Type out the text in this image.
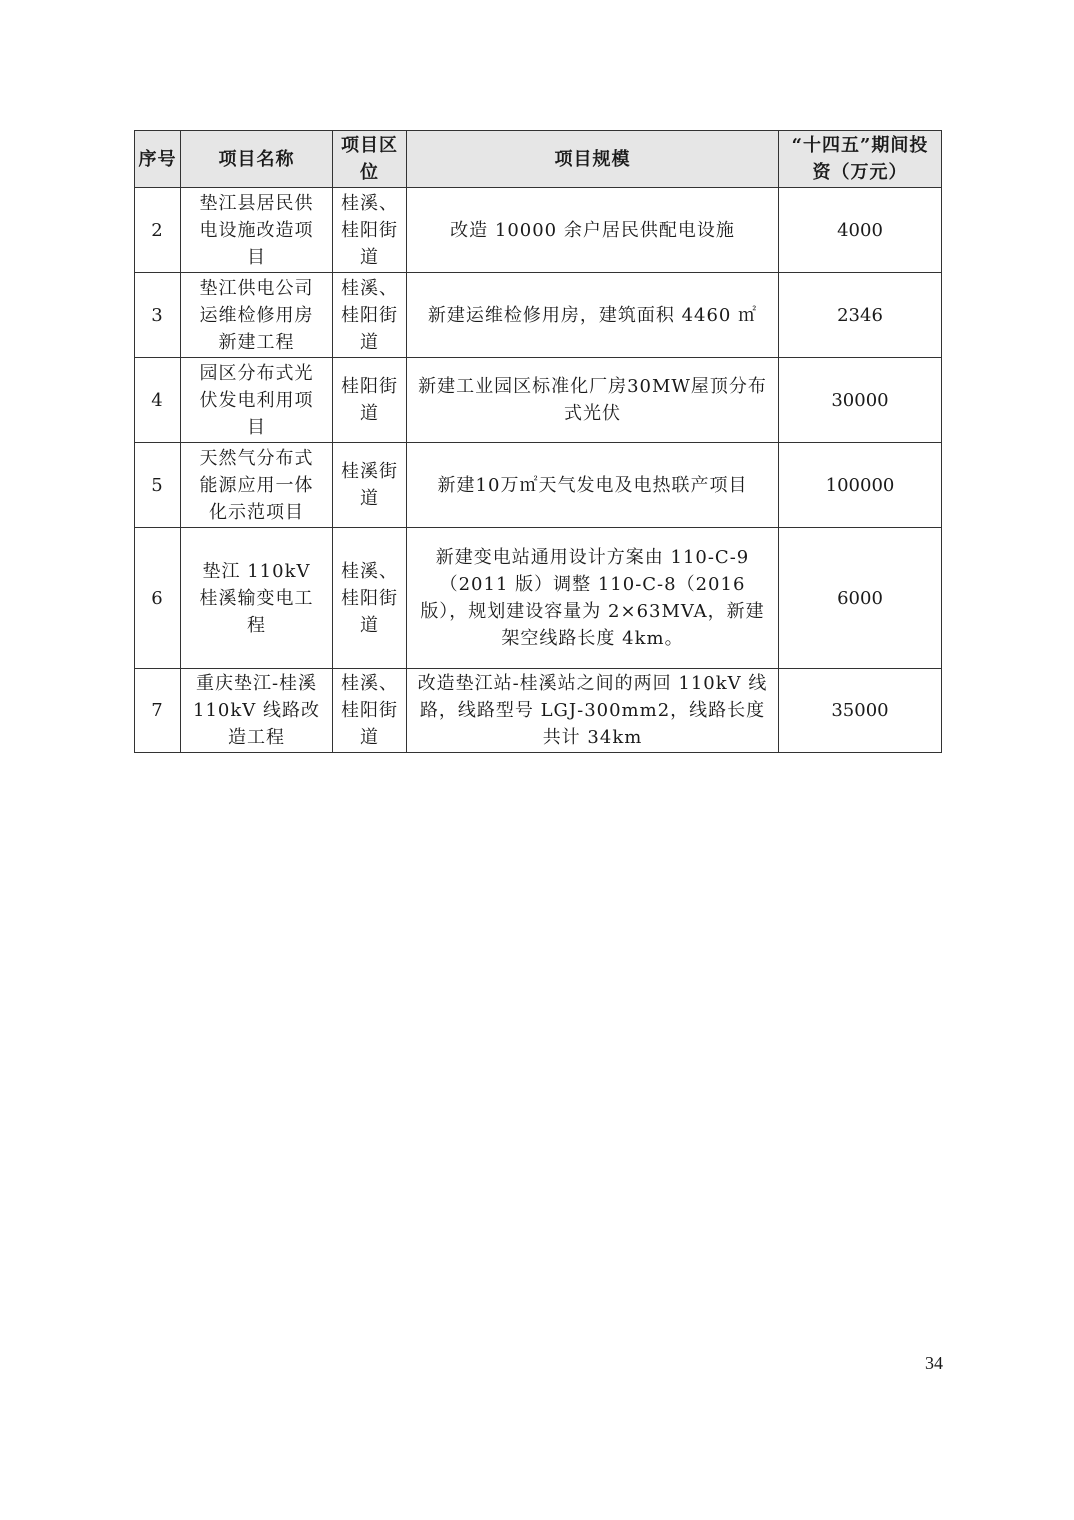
序号	项目名称	项目区位	项目规模	“十四五”期间投资（万元）
2	垫江县居民供电设施改造项目	桂溪、桂阳街道	改造 10000 余户居民供配电设施	4000
3	垫江供电公司运维检修用房新建工程	桂溪、桂阳街道	新建运维检修用房，建筑面积 4460 ㎡	2346
4	园区分布式光伏发电利用项目	桂阳街道	新建工业园区标准化厂房30MW屋顶分布式光伏	30000
5	天然气分布式能源应用一体化示范项目	桂溪街道	新建10万㎡天气发电及电热联产项目	100000
6	垫江 110kV 桂溪输变电工程	桂溪、桂阳街道	新建变电站通用设计方案由 110-C-9（2011 版）调整 110-C-8（2016 版），规划建设容量为 2×63MVA，新建架空线路长度 4km。	6000
7	重庆垫江-桂溪 110kV 线路改造工程	桂溪、桂阳街道	改造垫江站-桂溪站之间的两回 110kV 线路，线路型号 LGJ-300mm2，线路长度共计 34km	35000
34
